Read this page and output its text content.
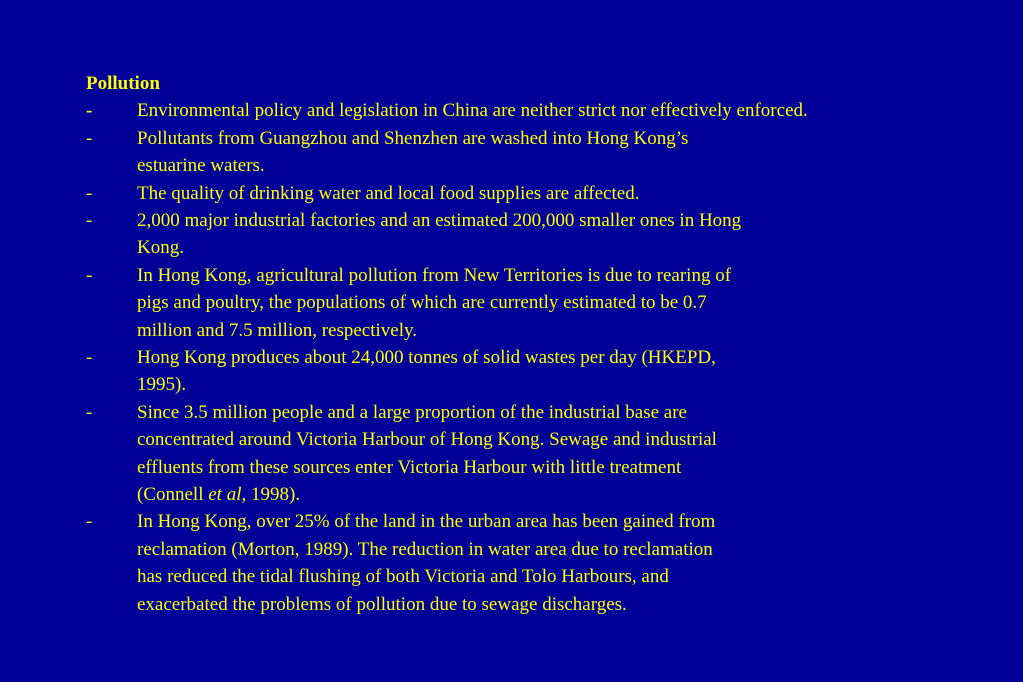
Pollution
-	Environmental policy and legislation in China are neither strict nor effectively enforced.
-	Pollutants from Guangzhou and Shenzhen are washed into Hong Kong’s
estuarine waters.
-	The quality of drinking water and local food supplies are affected.
-	2,000 major industrial factories and an estimated 200,000 smaller ones in Hong
Kong.
-	In Hong Kong, agricultural pollution from New Territories is due to rearing of
pigs and poultry, the populations of which are currently estimated to be 0.7
million and 7.5 million, respectively.
-	Hong Kong produces about 24,000 tonnes of solid wastes per day (HKEPD,
1995).
-	Since 3.5 million people and a large proportion of the industrial base are
concentrated around Victoria Harbour of Hong Kong. Sewage and industrial
effluents from these sources enter Victoria Harbour with little treatment
(Connell et al, 1998).
-	In Hong Kong, over 25% of the land in the urban area has been gained from
reclamation (Morton, 1989). The reduction in water area due to reclamation
has reduced the tidal flushing of both Victoria and Tolo Harbours, and
exacerbated the problems of pollution due to sewage discharges.
